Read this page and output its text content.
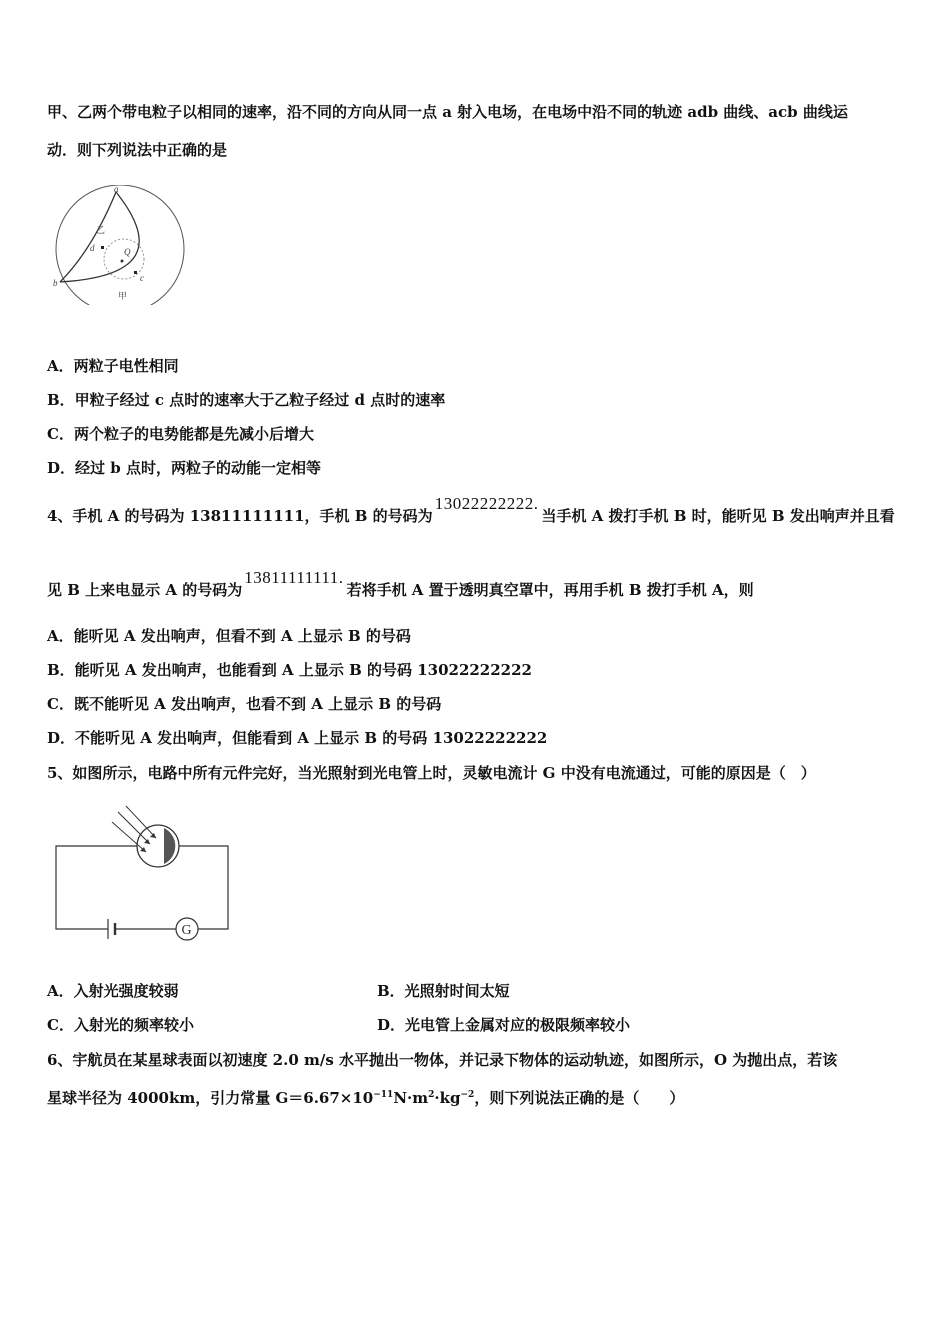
甲、乙两个带电粒子以相同的速率，沿不同的方向从同一点 a 射入电场，在电场中沿不同的轨迹 adb 曲线、acb 曲线运
动．则下列说法中正确的是
a
乙
d	Q
b	c
甲
A．两粒子电性相同
B．甲粒子经过 c 点时的速率大于乙粒子经过 d 点时的速率
C．两个粒子的电势能都是先减小后增大
D．经过 b 点时，两粒子的动能一定相等
4、手机 A 的号码为 13811111111，手机 B 的号码为13022222222.当手机 A 拨打手机 B 时，能听见 B 发出响声并且看
见 B 上来电显示 A 的号码为13811111111.若将手机 A 置于透明真空罩中，再用手机 B 拨打手机 A，则
A．能听见 A 发出响声，但看不到 A 上显示 B 的号码
B．能听见 A 发出响声，也能看到 A 上显示 B 的号码 13022222222
C．既不能听见 A 发出响声，也看不到 A 上显示 B 的号码
D．不能听见 A 发出响声，但能看到 A 上显示 B 的号码 13022222222
5、如图所示，电路中所有元件完好，当光照射到光电管上时，灵敏电流计 G 中没有电流通过，可能的原因是（　）
G
A．入射光强度较弱	B．光照射时间太短
C．入射光的频率较小	D．光电管上金属对应的极限频率较小
6、宇航员在某星球表面以初速度 2.0 m/s 水平抛出一物体，并记录下物体的运动轨迹，如图所示，O 为抛出点，若该
星球半径为 4000km，引力常量 $G=6.67\times 10^{-11}N\cdot m^2\cdot kg^{-2}$，则下列说法正确的是（　　）
